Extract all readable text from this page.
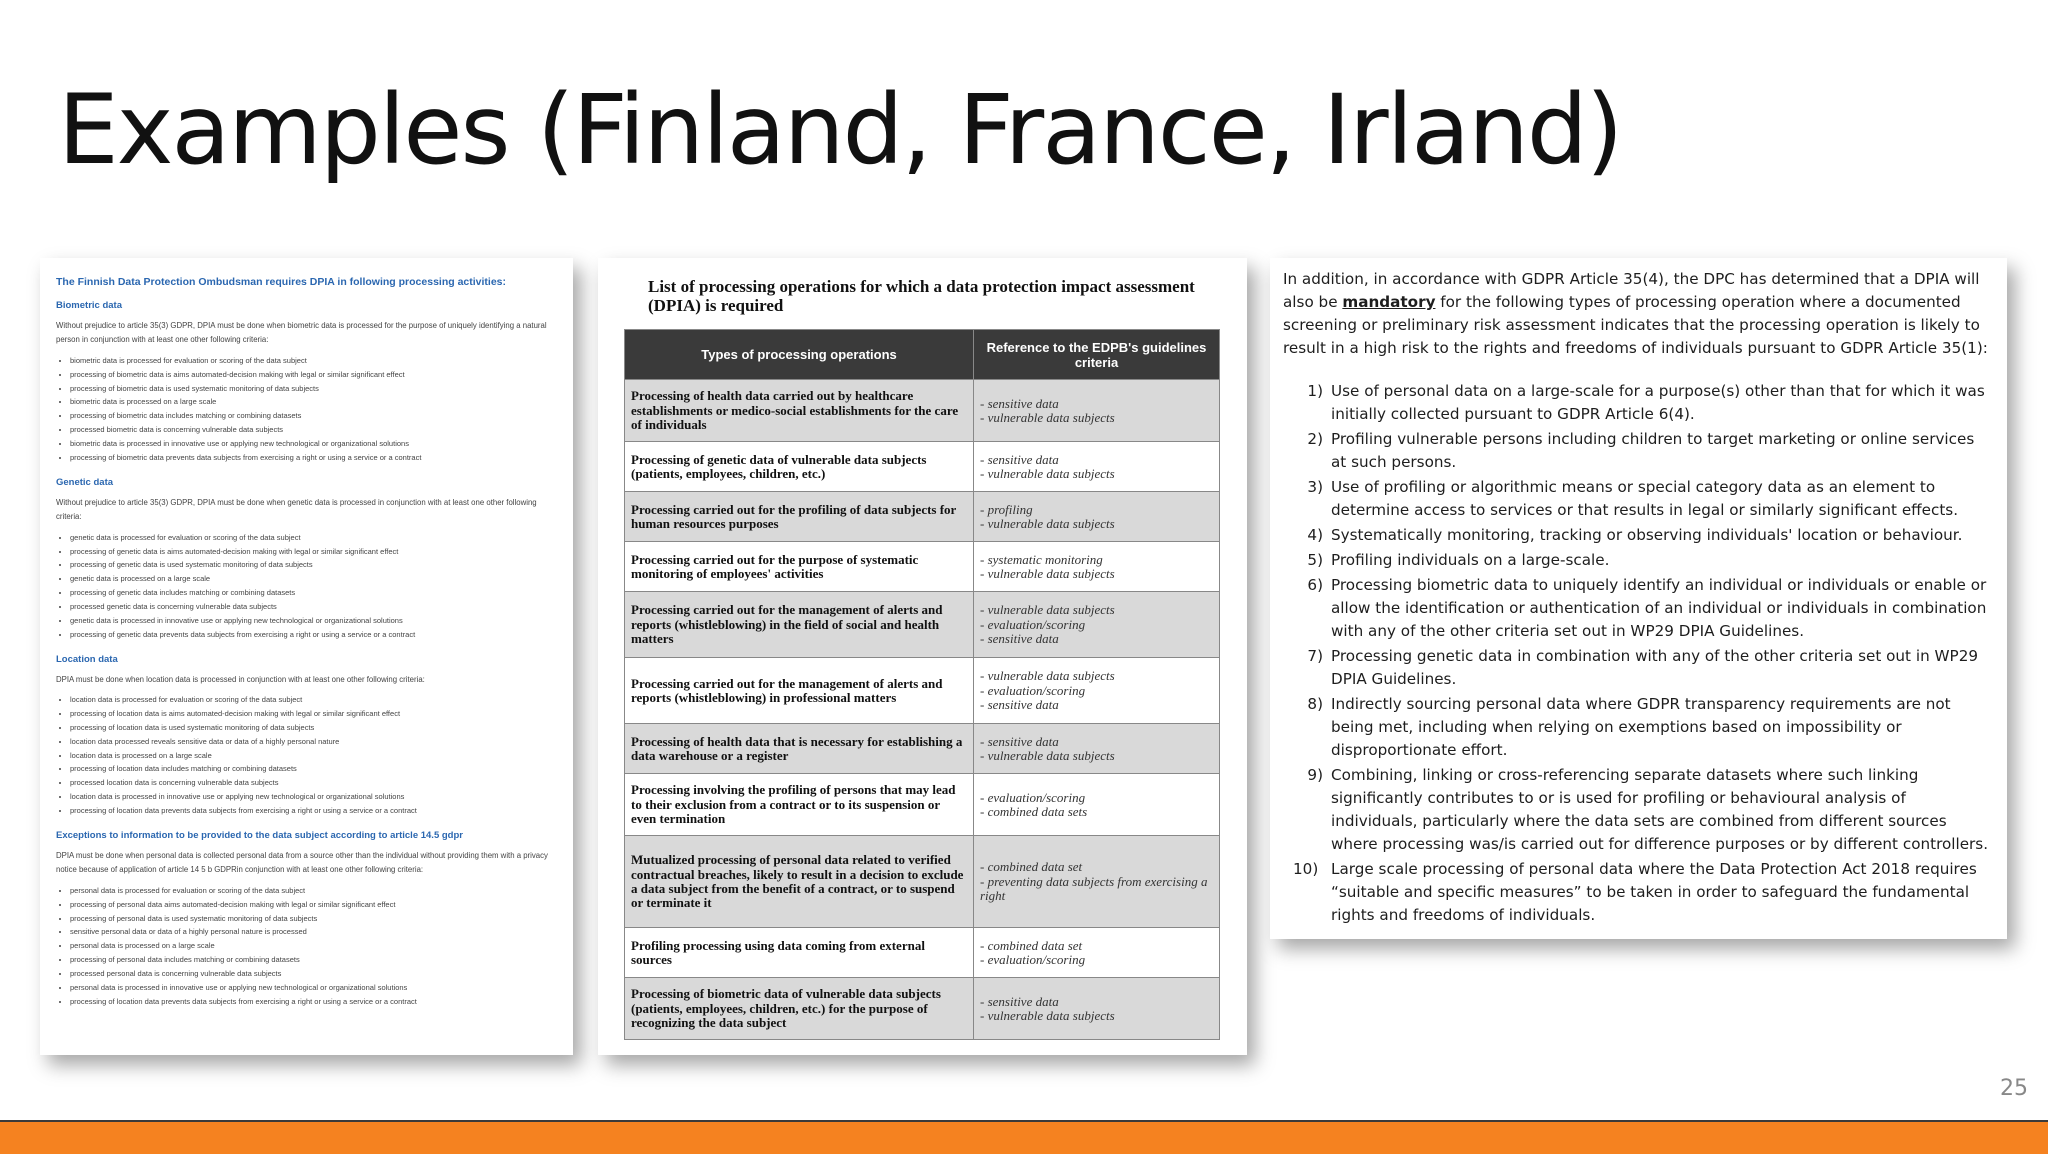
Examples (Finland, France, Irland)
The Finnish Data Protection Ombudsman requires DPIA in following processing activities:
Biometric data

Without prejudice to article 35(3) GDPR, DPIA must be done when biometric data is processed for the purpose of uniquely identifying a natural person in conjunction with at least one other following criteria:

• biometric data is processed for evaluation or scoring of the data subject
• processing of biometric data is aims automated-decision making with legal or similar significant effect
• processing of biometric data is used systematic monitoring of data subjects
• biometric data is processed on a large scale
• processing of biometric data includes matching or combining datasets
• processed biometric data is concerning vulnerable data subjects
• biometric data is processed in innovative use or applying new technological or organizational solutions
• processing of biometric data prevents data subjects from exercising a right or using a service or a contract
Genetic data

Without prejudice to article 35(3) GDPR, DPIA must be done when genetic data is processed in conjunction with at least one other following criteria:

• genetic data is processed for evaluation or scoring of the data subject
• processing of genetic data is aims automated-decision making with legal or similar significant effect
• processing of genetic data is used systematic monitoring of data subjects
• genetic data is processed on a large scale
• processing of genetic data includes matching or combining datasets
• processed genetic data is concerning vulnerable data subjects
• genetic data is processed in innovative use or applying new technological or organizational solutions
• processing of genetic data prevents data subjects from exercising a right or using a service or a contract
Location data

DPIA must be done when location data is processed in conjunction with at least one other following criteria:

• location data is processed for evaluation or scoring of the data subject
• processing of location data is aims automated-decision making with legal or similar significant effect
• processing of location data is used systematic monitoring of data subjects
• location data processed reveals sensitive data or data of a highly personal nature
• location data is processed on a large scale
• processing of location data includes matching or combining datasets
• processed location data is concerning vulnerable data subjects
• location data is processed in innovative use or applying new technological or organizational solutions
• processing of location data prevents data subjects from exercising a right or using a service or a contract
Exceptions to information to be provided to the data subject according to article 14.5 gdpr

DPIA must be done when personal data is collected personal data from a source other than the individual without providing them with a privacy notice because of application of article 14 5 b GDPRin conjunction with at least one other following criteria:

• personal data is processed for evaluation or scoring of the data subject
• processing of personal data aims automated-decision making with legal or similar significant effect
• processing of personal data is used systematic monitoring of data subjects
• sensitive personal data or data of a highly personal nature is processed
• personal data is processed on a large scale
• processing of personal data includes matching or combining datasets
• processed personal data is concerning vulnerable data subjects
• personal data is processed in innovative use or applying new technological or organizational solutions
• processing of location data prevents data subjects from exercising a right or using a service or a contract
List of processing operations for which a data protection impact assessment (DPIA) is required
Types of processing operations	Reference to the EDPB's guidelines criteria
Processing of health data carried out by healthcare establishments or medico-social establishments for the care of individuals	- sensitive data
- vulnerable data subjects

Processing of genetic data of vulnerable data subjects (patients, employees, children, etc.)	- sensitive data
- vulnerable data subjects

Processing carried out for the profiling of data subjects for human resources purposes	- profiling
- vulnerable data subjects

Processing carried out for the purpose of systematic monitoring of employees' activities	- systematic monitoring
- vulnerable data subjects

Processing carried out for the management of alerts and reports (whistleblowing) in the field of social and health matters	- vulnerable data subjects
- evaluation/scoring
- sensitive data

Processing carried out for the management of alerts and reports (whistleblowing) in professional matters	- vulnerable data subjects
- evaluation/scoring
- sensitive data

Processing of health data that is necessary for establishing a data warehouse or a register	- sensitive data
- vulnerable data subjects

Processing involving the profiling of persons that may lead to their exclusion from a contract or to its suspension or even termination	- evaluation/scoring
- combined data sets

Mutualized processing of personal data related to verified contractual breaches, likely to result in a decision to exclude a data subject from the benefit of a contract, or to suspend or terminate it	- combined data set
- preventing data subjects from exercising a right

Profiling processing using data coming from external sources	- combined data set
- evaluation/scoring

Processing of biometric data of vulnerable data subjects (patients, employees, children, etc.) for the purpose of recognizing the data subject	- sensitive data
- vulnerable data subjects

In addition, in accordance with GDPR Article 35(4), the DPC has determined that a DPIA will also be mandatory for the following types of processing operation where a documented screening or preliminary risk assessment indicates that the processing operation is likely to result in a high risk to the rights and freedoms of individuals pursuant to GDPR Article 35(1):

1) Use of personal data on a large-scale for a purpose(s) other than that for which it was initially collected pursuant to GDPR Article 6(4).
2) Profiling vulnerable persons including children to target marketing or online services at such persons.
3) Use of profiling or algorithmic means or special category data as an element to determine access to services or that results in legal or similarly significant effects.
4) Systematically monitoring, tracking or observing individuals' location or behaviour.
5) Profiling individuals on a large-scale.
6) Processing biometric data to uniquely identify an individual or individuals or enable or allow the identification or authentication of an individual or individuals in combination with any of the other criteria set out in WP29 DPIA Guidelines.
7) Processing genetic data in combination with any of the other criteria set out in WP29 DPIA Guidelines.
8) Indirectly sourcing personal data where GDPR transparency requirements are not being met, including when relying on exemptions based on impossibility or disproportionate effort.
9) Combining, linking or cross-referencing separate datasets where such linking significantly contributes to or is used for profiling or behavioural analysis of individuals, particularly where the data sets are combined from different sources where processing was/is carried out for difference purposes or by different controllers.
10) Large scale processing of personal data where the Data Protection Act 2018 requires “suitable and specific measures” to be taken in order to safeguard the fundamental rights and freedoms of individuals.
25
